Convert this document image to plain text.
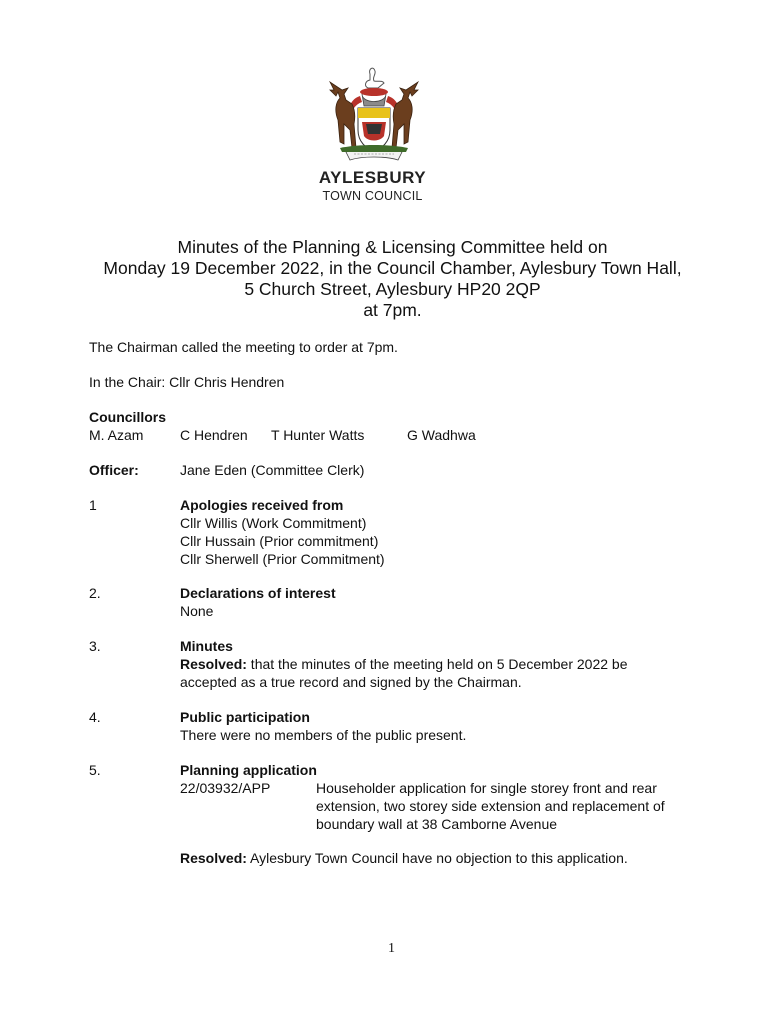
AYLESBURY
TOWN COUNCIL
Minutes of the Planning & Licensing Committee held on
Monday 19 December 2022, in the Council Chamber, Aylesbury Town Hall,
5 Church Street, Aylesbury HP20 2QP
at 7pm.
The Chairman called the meeting to order at 7pm.
In the Chair: Cllr Chris Hendren
Councillors
M. Azam	C Hendren T Hunter Watts	G Wadhwa
Officer:	Jane Eden (Committee Clerk)
1	Apologies received from
Cllr Willis (Work Commitment)
Cllr Hussain (Prior commitment)
Cllr Sherwell (Prior Commitment)
2.	Declarations of interest
None
3.	Minutes
Resolved: that the minutes of the meeting held on 5 December 2022 be
accepted as a true record and signed by the Chairman.
4.	Public participation
There were no members of the public present.
5.	Planning application
22/03932/APP	Householder application for single storey front and rear
extension, two storey side extension and replacement of
boundary wall at 38 Camborne Avenue
Resolved: Aylesbury Town Council have no objection to this application.
1
